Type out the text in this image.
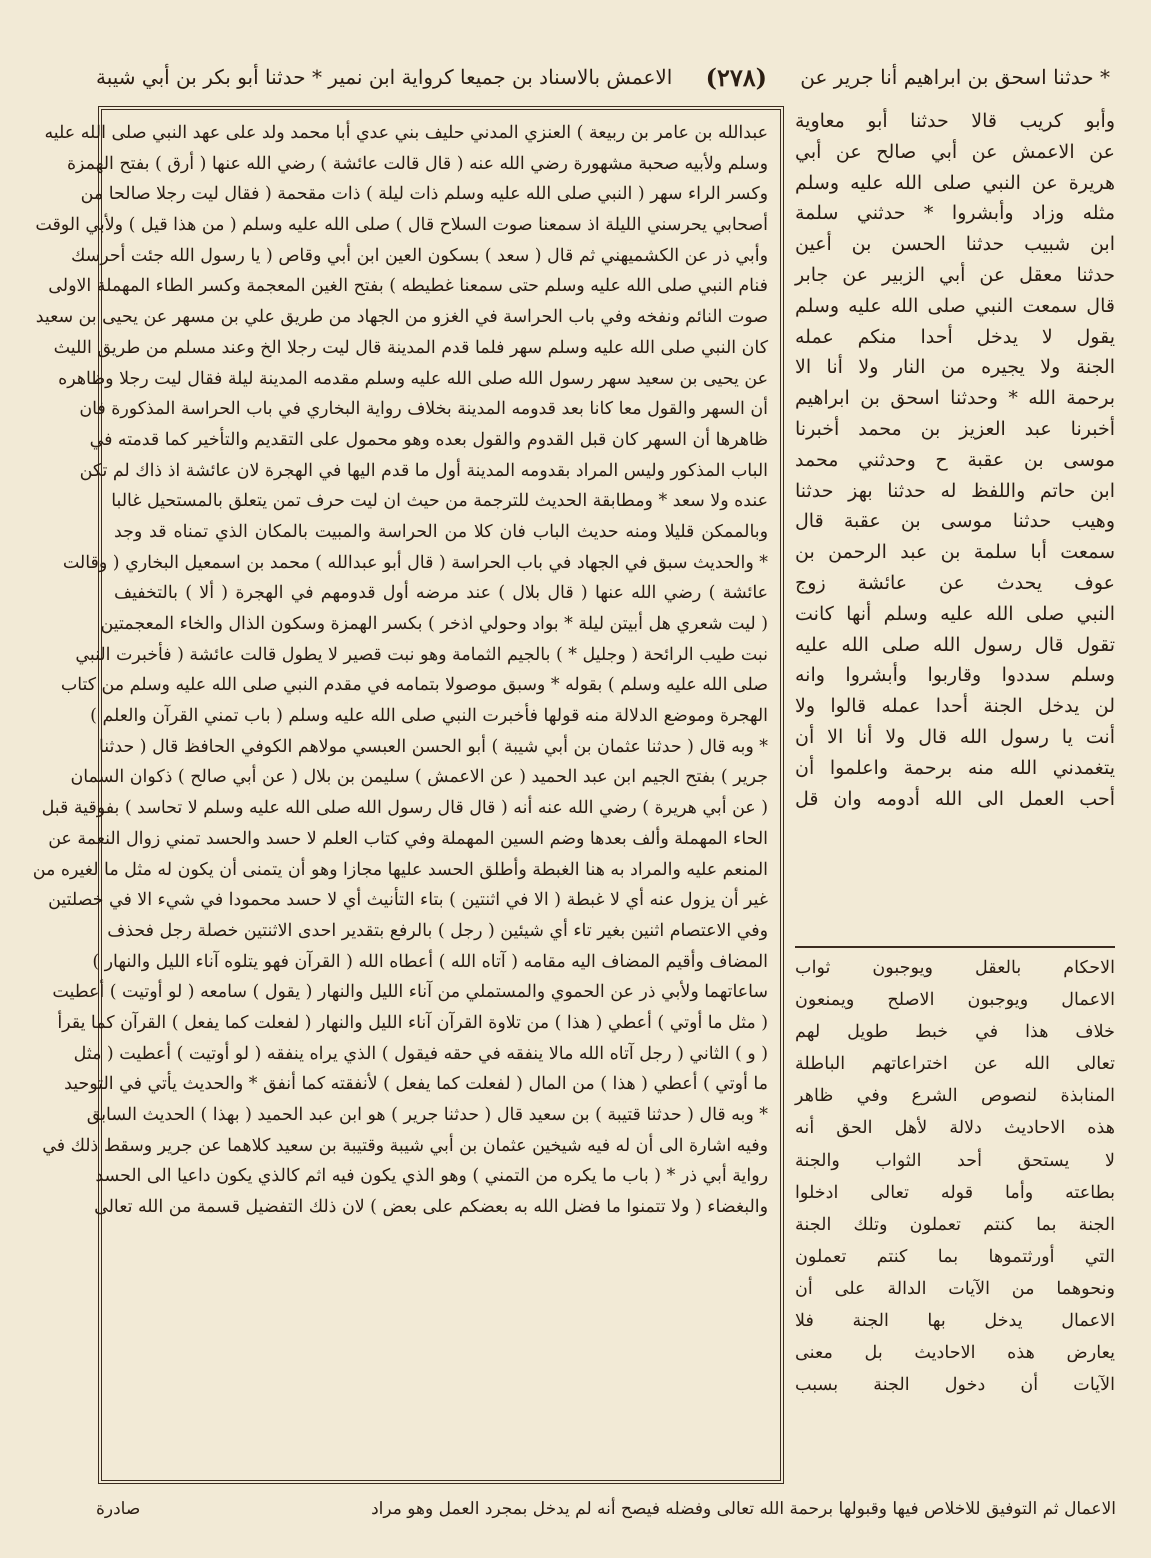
* حدثنا اسحق بن ابراهيم أنا جرير عن
(٢٧٨)
الاعمش بالاسناد بن جميعا كرواية ابن نمير * حدثنا أبو بكر بن أبي شيبة
عبدالله بن عامر بن ربيعة ) العنزي المدني حليف بني عدي أبا محمد ولد على عهد النبي صلى الله عليه
وسلم ولأبيه صحبة مشهورة رضي الله عنه ( قال قالت عائشة ) رضي الله عنها ( أرق ) بفتح الهمزة
وكسر الراء سهر ( النبي صلى الله عليه وسلم ذات ليلة ) ذات مقحمة ( فقال ليت رجلا صالحا من
أصحابي يحرسني الليلة اذ سمعنا صوت السلاح قال ) صلى الله عليه وسلم ( من هذا قيل ) ولأبي الوقت
وأبي ذر عن الكشميهني ثم قال ( سعد ) بسكون العين ابن أبي وقاص ( يا رسول الله جئت أحرسك
فنام النبي صلى الله عليه وسلم حتى سمعنا غطيطه ) بفتح الغين المعجمة وكسر الطاء المهملة الاولى
صوت النائم ونفخه وفي باب الحراسة في الغزو من الجهاد من طريق علي بن مسهر عن يحيى بن سعيد
كان النبي صلى الله عليه وسلم سهر فلما قدم المدينة قال ليت رجلا الخ وعند مسلم من طريق الليث
عن يحيى بن سعيد سهر رسول الله صلى الله عليه وسلم مقدمه المدينة ليلة فقال ليت رجلا وظاهره
أن السهر والقول معا كانا بعد قدومه المدينة بخلاف رواية البخاري في باب الحراسة المذكورة فان
ظاهرها أن السهر كان قبل القدوم والقول بعده وهو محمول على التقديم والتأخير كما قدمته في
الباب المذكور وليس المراد بقدومه المدينة أول ما قدم اليها في الهجرة لان عائشة اذ ذاك لم تكن
عنده ولا سعد * ومطابقة الحديث للترجمة من حيث ان ليت حرف تمن يتعلق بالمستحيل غالبا
وبالممكن قليلا ومنه حديث الباب فان كلا من الحراسة والمبيت بالمكان الذي تمناه قد وجد
* والحديث سبق في الجهاد في باب الحراسة ( قال أبو عبدالله ) محمد بن اسمعيل البخاري ( وقالت
عائشة ) رضي الله عنها ( قال بلال ) عند مرضه أول قدومهم في الهجرة ( ألا ) بالتخفيف
( ليت شعري هل أبيتن ليلة * بواد وحولي اذخر ) بكسر الهمزة وسكون الذال والخاء المعجمتين
نبت طيب الرائحة ( وجليل * ) بالجيم الثمامة وهو نبت قصير لا يطول قالت عائشة ( فأخبرت النبي
صلى الله عليه وسلم ) بقوله * وسبق موصولا بتمامه في مقدم النبي صلى الله عليه وسلم من كتاب
الهجرة وموضع الدلالة منه قولها فأخبرت النبي صلى الله عليه وسلم ( باب تمني القرآن والعلم )
* وبه قال ( حدثنا عثمان بن أبي شيبة ) أبو الحسن العبسي مولاهم الكوفي الحافظ قال ( حدثنا
جرير ) بفتح الجيم ابن عبد الحميد ( عن الاعمش ) سليمن بن بلال ( عن أبي صالح ) ذكوان السمان
( عن أبي هريرة ) رضي الله عنه أنه ( قال قال رسول الله صلى الله عليه وسلم لا تحاسد ) بفوقية قبل
الحاء المهملة وألف بعدها وضم السين المهملة وفي كتاب العلم لا حسد والحسد تمني زوال النعمة عن
المنعم عليه والمراد به هنا الغبطة وأطلق الحسد عليها مجازا وهو أن يتمنى أن يكون له مثل ما لغيره من
غير أن يزول عنه أي لا غبطة ( الا في اثنتين ) بتاء التأنيث أي لا حسد محمودا في شيء الا في خصلتين
وفي الاعتصام اثنين بغير تاء أي شيئين ( رجل ) بالرفع بتقدير احدى الاثنتين خصلة رجل فحذف
المضاف وأقيم المضاف اليه مقامه ( آتاه الله ) أعطاه الله ( القرآن فهو يتلوه آناء الليل والنهار )
ساعاتهما ولأبي ذر عن الحموي والمستملي من آناء الليل والنهار ( يقول ) سامعه ( لو أوتيت ) أعطيت
( مثل ما أوتي ) أعطي ( هذا ) من تلاوة القرآن آناء الليل والنهار ( لفعلت كما يفعل ) القرآن كما يقرأ
( و ) الثاني ( رجل آتاه الله مالا ينفقه في حقه فيقول ) الذي يراه ينفقه ( لو أوتيت ) أعطيت ( مثل
ما أوتي ) أعطي ( هذا ) من المال ( لفعلت كما يفعل ) لأنفقته كما أنفق * والحديث يأتي في التوحيد
* وبه قال ( حدثنا قتيبة ) بن سعيد قال ( حدثنا جرير ) هو ابن عبد الحميد ( بهذا ) الحديث السابق
وفيه اشارة الى أن له فيه شيخين عثمان بن أبي شيبة وقتيبة بن سعيد كلاهما عن جرير وسقط ذلك في
رواية أبي ذر * ( باب ما يكره من التمني ) وهو الذي يكون فيه اثم كالذي يكون داعيا الى الحسد
والبغضاء ( ولا تتمنوا ما فضل الله به بعضكم على بعض ) لان ذلك التفضيل قسمة من الله تعالى
وأبو كريب قالا حدثنا أبو معاوية
عن الاعمش عن أبي صالح عن أبي
هريرة عن النبي صلى الله عليه وسلم
مثله وزاد وأبشروا * حدثني سلمة
ابن شبيب حدثنا الحسن بن أعين
حدثنا معقل عن أبي الزبير عن جابر
قال سمعت النبي صلى الله عليه وسلم
يقول لا يدخل أحدا منكم عمله
الجنة ولا يجيره من النار ولا أنا الا
برحمة الله * وحدثنا اسحق بن ابراهيم
أخبرنا عبد العزيز بن محمد أخبرنا
موسى بن عقبة ح وحدثني محمد
ابن حاتم واللفظ له حدثنا بهز حدثنا
وهيب حدثنا موسى بن عقبة قال
سمعت أبا سلمة بن عبد الرحمن بن
عوف يحدث عن عائشة زوج
النبي صلى الله عليه وسلم أنها كانت
تقول قال رسول الله صلى الله عليه
وسلم سددوا وقاربوا وأبشروا وانه
لن يدخل الجنة أحدا عمله قالوا ولا
أنت يا رسول الله قال ولا أنا الا أن
يتغمدني الله منه برحمة واعلموا أن
أحب العمل الى الله أدومه وان قل
الاحكام بالعقل ويوجبون ثواب
الاعمال ويوجبون الاصلح ويمنعون
خلاف هذا في خبط طويل لهم
تعالى الله عن اختراعاتهم الباطلة
المنابذة لنصوص الشرع وفي ظاهر
هذه الاحاديث دلالة لأهل الحق أنه
لا يستحق أحد الثواب والجنة
بطاعته وأما قوله تعالى ادخلوا
الجنة بما كنتم تعملون وتلك الجنة
التي أورثتموها بما كنتم تعملون
ونحوهما من الآيات الدالة على أن
الاعمال يدخل بها الجنة فلا
يعارض هذه الاحاديث بل معنى
الآيات أن دخول الجنة بسبب
الاعمال ثم التوفيق للاخلاص فيها وقبولها برحمة الله تعالى وفضله فيصح أنه لم يدخل بمجرد العمل وهو مراد
صادرة
